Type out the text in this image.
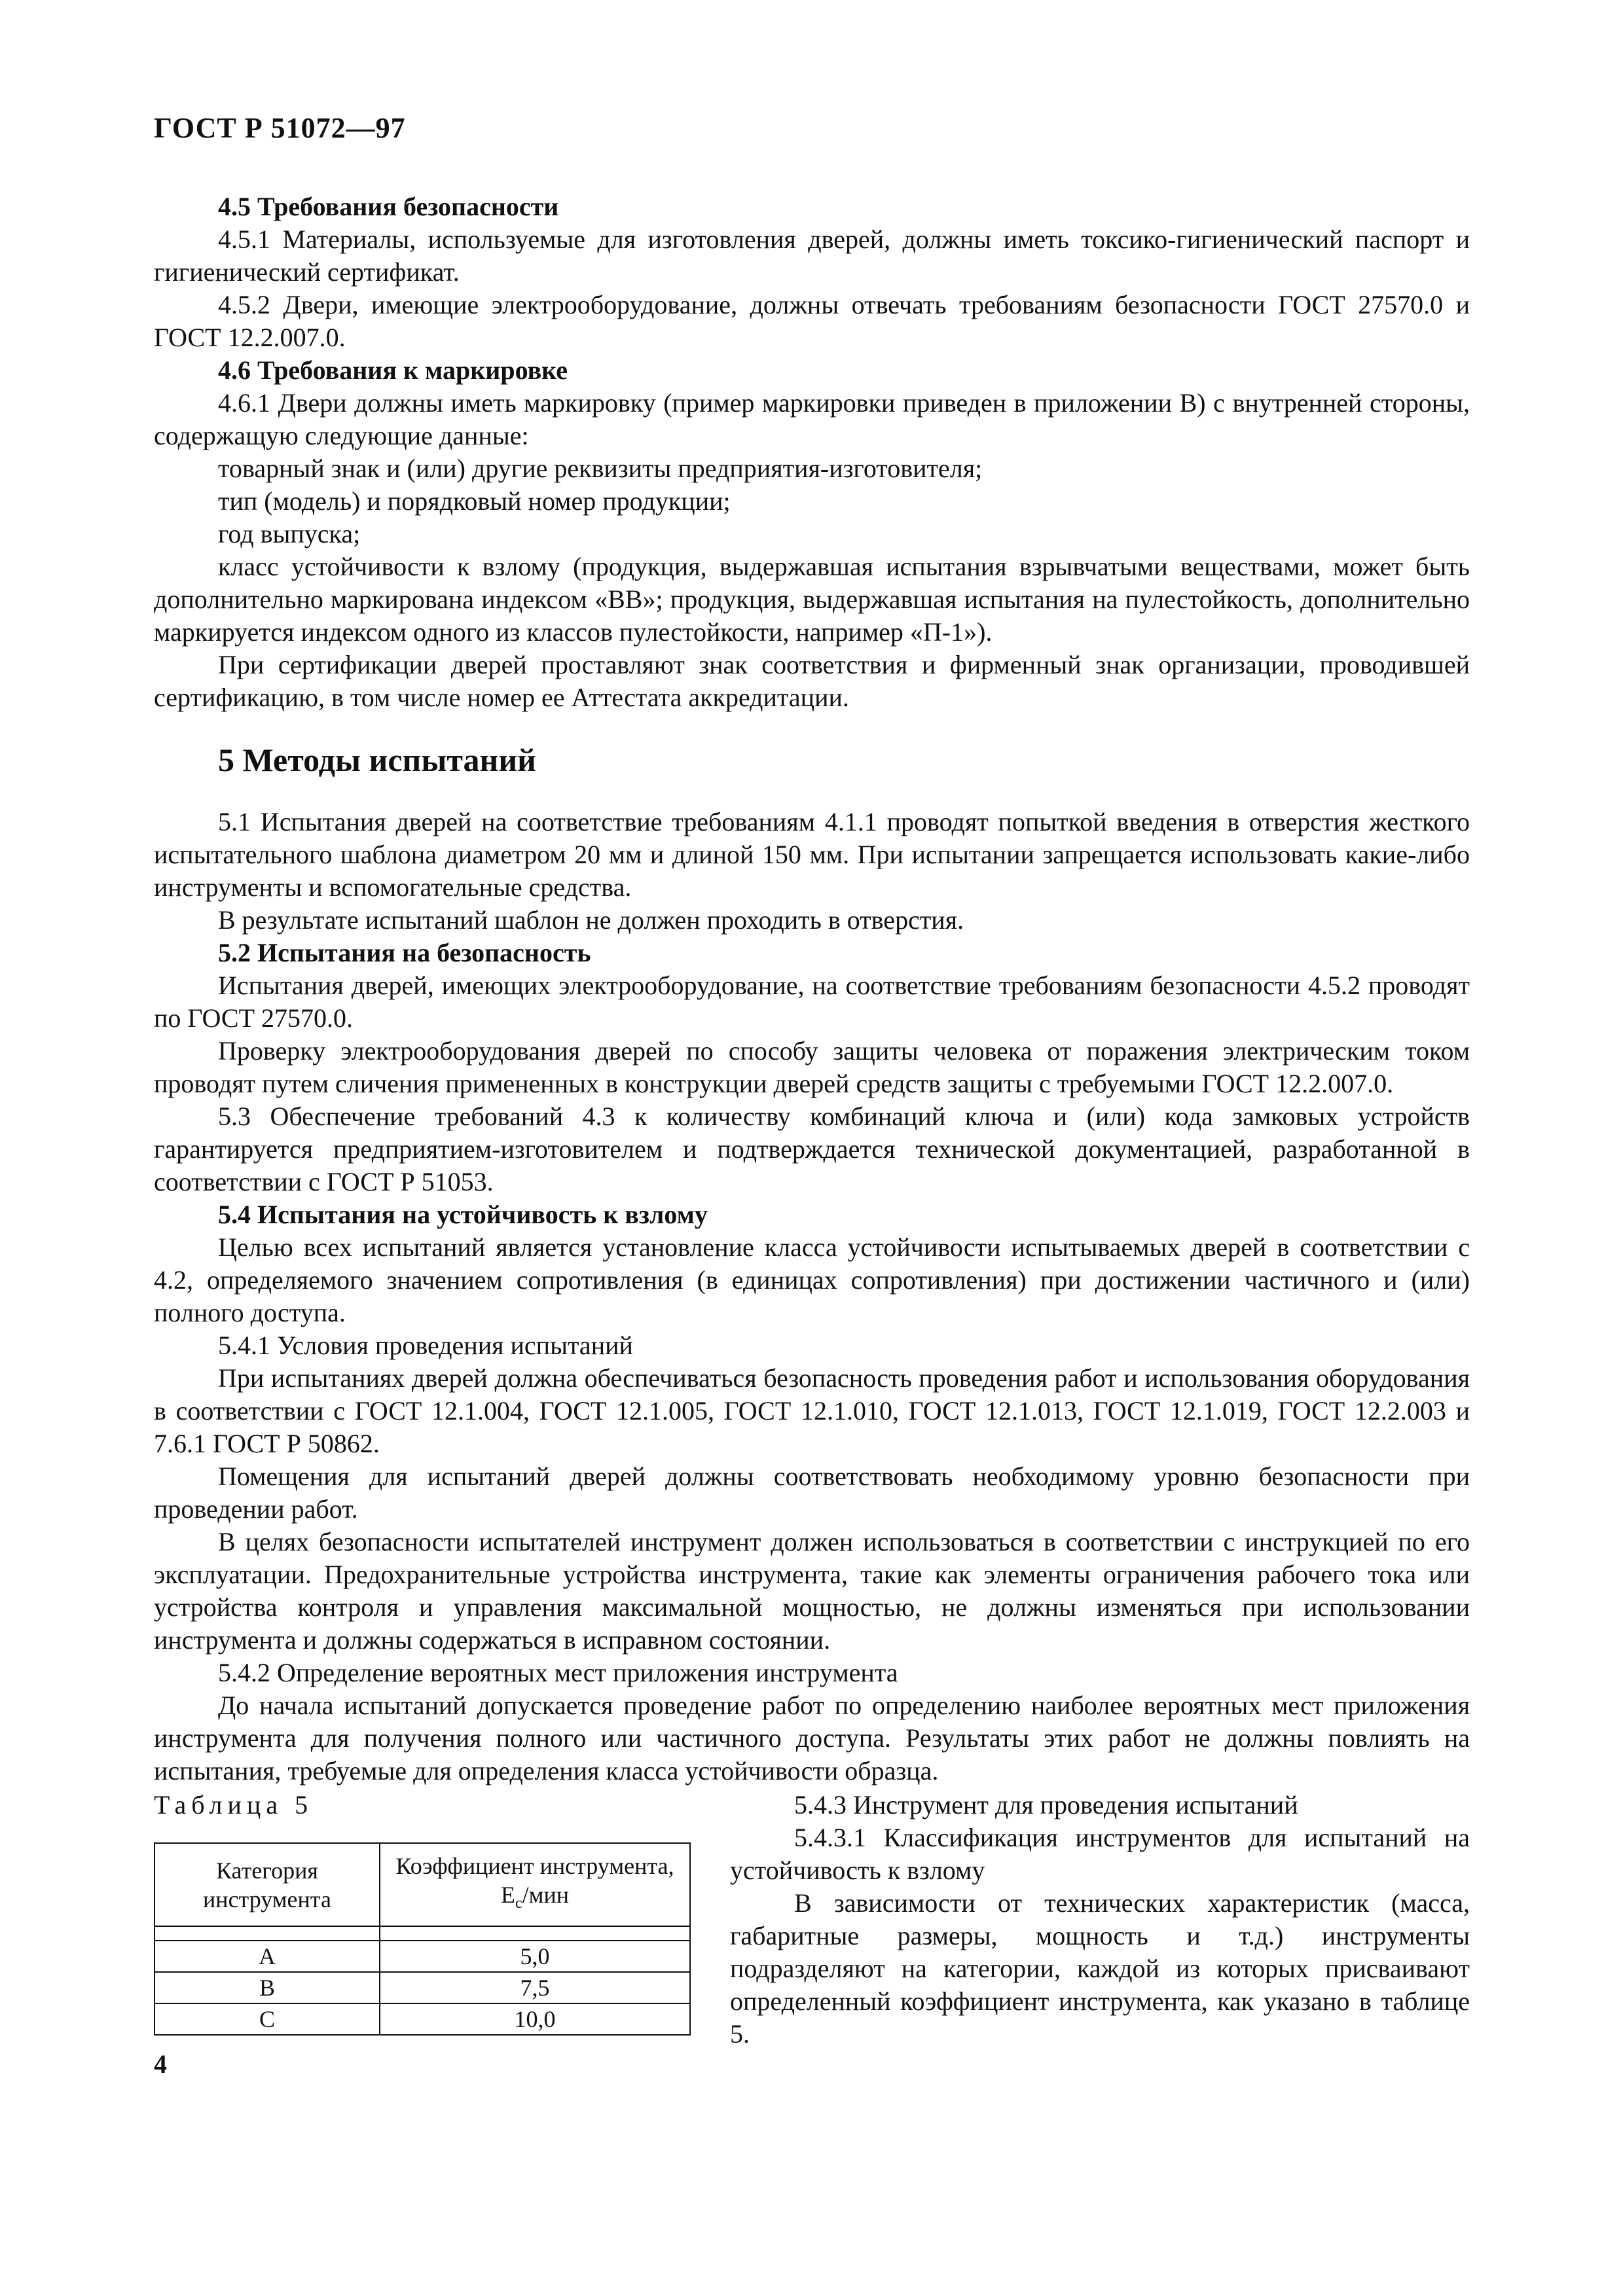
ГОСТ Р 51072—97

4.5 Требования безопасности

4.5.1 Материалы, используемые для изготовления дверей, должны иметь токсико-гигиенический паспорт и гигиенический сертификат.

4.5.2 Двери, имеющие электрооборудование, должны отвечать требованиям безопасности ГОСТ 27570.0 и ГОСТ 12.2.007.0.

4.6 Требования к маркировке

4.6.1 Двери должны иметь маркировку (пример маркировки приведен в приложении В) с внутренней стороны, содержащую следующие данные:

товарный знак и (или) другие реквизиты предприятия-изготовителя;

тип (модель) и порядковый номер продукции;

год выпуска;

класс устойчивости к взлому (продукция, выдержавшая испытания взрывчатыми веществами, может быть дополнительно маркирована индексом «ВВ»; продукция, выдержавшая испытания на пулестойкость, дополнительно маркируется индексом одного из классов пулестойкости, например «П-1»).

При сертификации дверей проставляют знак соответствия и фирменный знак организации, проводившей сертификацию, в том числе номер ее Аттестата аккредитации.

5 Методы испытаний

5.1 Испытания дверей на соответствие требованиям 4.1.1 проводят попыткой введения в отверстия жесткого испытательного шаблона диаметром 20 мм и длиной 150 мм. При испытании запрещается использовать какие-либо инструменты и вспомогательные средства.

В результате испытаний шаблон не должен проходить в отверстия.

5.2 Испытания на безопасность

Испытания дверей, имеющих электрооборудование, на соответствие требованиям безопасности 4.5.2 проводят по ГОСТ 27570.0.

Проверку электрооборудования дверей по способу защиты человека от поражения электрическим током проводят путем сличения примененных в конструкции дверей средств защиты с требуемыми ГОСТ 12.2.007.0.

5.3 Обеспечение требований 4.3 к количеству комбинаций ключа и (или) кода замковых устройств гарантируется предприятием-изготовителем и подтверждается технической документацией, разработанной в соответствии с ГОСТ Р 51053.

5.4 Испытания на устойчивость к взлому

Целью всех испытаний является установление класса устойчивости испытываемых дверей в соответствии с 4.2, определяемого значением сопротивления (в единицах сопротивления) при достижении частичного и (или) полного доступа.

5.4.1 Условия проведения испытаний

При испытаниях дверей должна обеспечиваться безопасность проведения работ и использования оборудования в соответствии с ГОСТ 12.1.004, ГОСТ 12.1.005, ГОСТ 12.1.010, ГОСТ 12.1.013, ГОСТ 12.1.019, ГОСТ 12.2.003 и 7.6.1 ГОСТ Р 50862.

Помещения для испытаний дверей должны соответствовать необходимому уровню безопасности при проведении работ.

В целях безопасности испытателей инструмент должен использоваться в соответствии с инструкцией по его эксплуатации. Предохранительные устройства инструмента, такие как элементы ограничения рабочего тока или устройства контроля и управления максимальной мощностью, не должны изменяться при использовании инструмента и должны содержаться в исправном состоянии.

5.4.2 Определение вероятных мест приложения инструмента

До начала испытаний допускается проведение работ по определению наиболее вероятных мест приложения инструмента для получения полного или частичного доступа. Результаты этих работ не должны повлиять на испытания, требуемые для определения класса устойчивости образца.

Таблица 5
Категория инструмента	Коэффициент инструмента, $E_c$/мин

А	5,0
В	7,5
С	10,0

5.4.3 Инструмент для проведения испытаний

5.4.3.1 Классификация инструментов для испытаний на устойчивость к взлому

В зависимости от технических характеристик (масса, габаритные размеры, мощность и т.д.) инструменты подразделяют на категории, каждой из которых присваивают определенный коэффициент инструмента, как указано в таблице 5.

4
